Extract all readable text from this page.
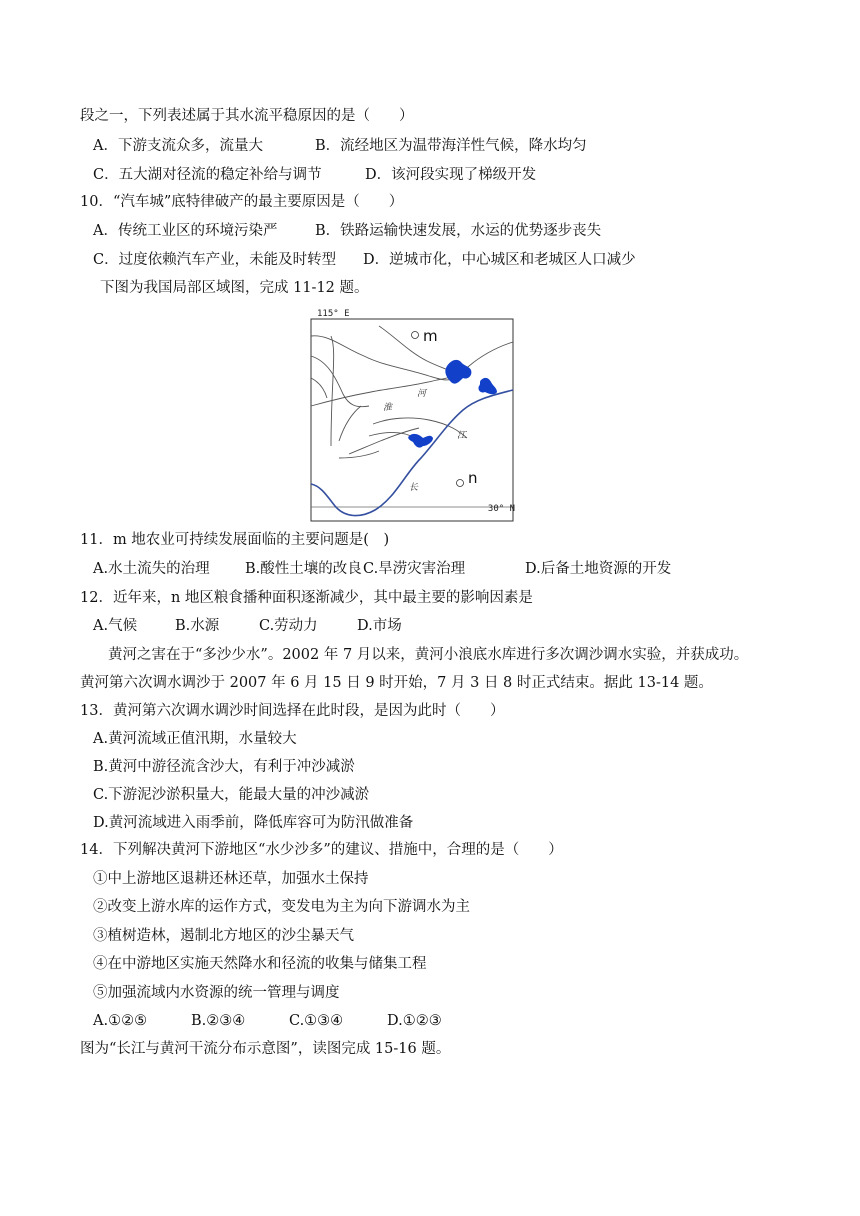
段之一，下列表述属于其水流平稳原因的是（　　）
A．下游支流众多，流量大	B．流经地区为温带海洋性气候，降水均匀
C．五大湖对径流的稳定补给与调节	D．该河段实现了梯级开发
10．“汽车城”底特律破产的最主要原因是（　　）
A．传统工业区的环境污染严	B．铁路运输快速发展，水运的优势逐步丧失
C．过度依赖汽车产业，未能及时转型 D．逆城市化，中心城区和老城区人口减少
下图为我国局部区域图，完成 11-12 题。
115° E
30° N
淮
河
长
江
m
n
11．m 地农业可持续发展面临的主要问题是(　)
A.水土流失的治理 B.酸性土壤的改良C.旱涝灾害治理	D.后备土地资源的开发
12．近年来，n 地区粮食播种面积逐渐减少，其中最主要的影响因素是
A.气候	B.水源	C.劳动力	D.市场
黄河之害在于“多沙少水”。2002 年 7 月以来，黄河小浪底水库进行多次调沙调水实验，并获成功。
黄河第六次调水调沙于 2007 年 6 月 15 日 9 时开始，7 月 3 日 8 时正式结束。据此 13-14 题。
13．黄河第六次调水调沙时间选择在此时段，是因为此时（　　）
A.黄河流域正值汛期，水量较大
B.黄河中游径流含沙大，有利于冲沙减淤
C.下游泥沙淤积量大，能最大量的冲沙减淤
D.黄河流域进入雨季前，降低库容可为防汛做准备
14．下列解决黄河下游地区“水少沙多”的建议、措施中，合理的是（　　）
①中上游地区退耕还林还草，加强水土保持
②改变上游水库的运作方式，变发电为主为向下游调水为主
③植树造林，遏制北方地区的沙尘暴天气
④在中游地区实施天然降水和径流的收集与储集工程
⑤加强流域内水资源的统一管理与调度
A.①②⑤	B.②③④	C.①③④	D.①②③
图为“长江与黄河干流分布示意图”，读图完成 15-16 题。
